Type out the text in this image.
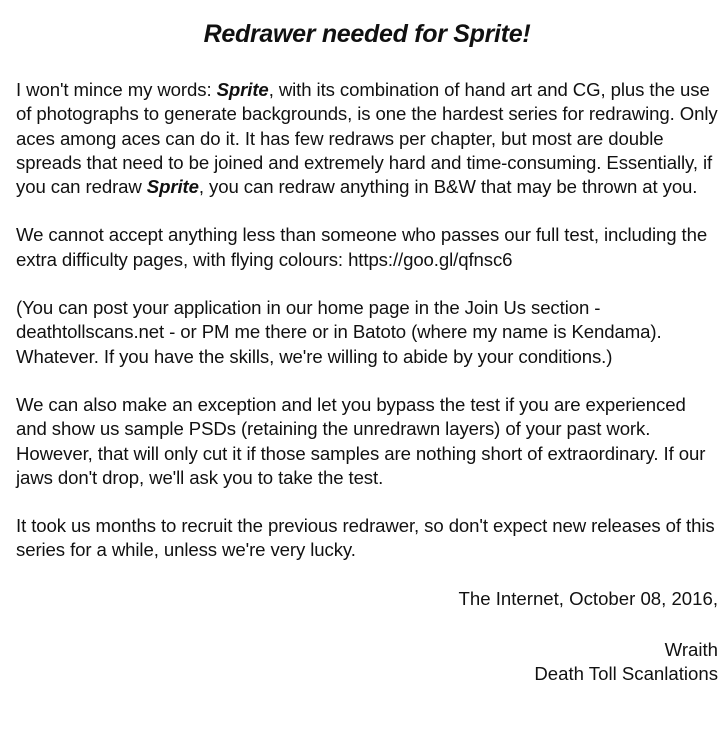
Redrawer needed for Sprite!

I won't mince my words: Sprite, with its combination of hand art and CG, plus the use of photographs to generate backgrounds, is one the hardest series for redrawing. Only aces among aces can do it. It has few redraws per chapter, but most are double spreads that need to be joined and extremely hard and time-consuming. Essentially, if you can redraw Sprite, you can redraw anything in B&W that may be thrown at you.

We cannot accept anything less than someone who passes our full test, including the extra difficulty pages, with flying colours: https://goo.gl/qfnsc6

(You can post your application in our home page in the Join Us section - deathtollscans.net - or PM me there or in Batoto (where my name is Kendama). Whatever. If you have the skills, we're willing to abide by your conditions.)

We can also make an exception and let you bypass the test if you are experienced and show us sample PSDs (retaining the unredrawn layers) of your past work. However, that will only cut it if those samples are nothing short of extraordinary. If our jaws don't drop, we'll ask you to take the test.

It took us months to recruit the previous redrawer, so don't expect new releases of this series for a while, unless we're very lucky.

The Internet, October 08, 2016,
Wraith
Death Toll Scanlations
